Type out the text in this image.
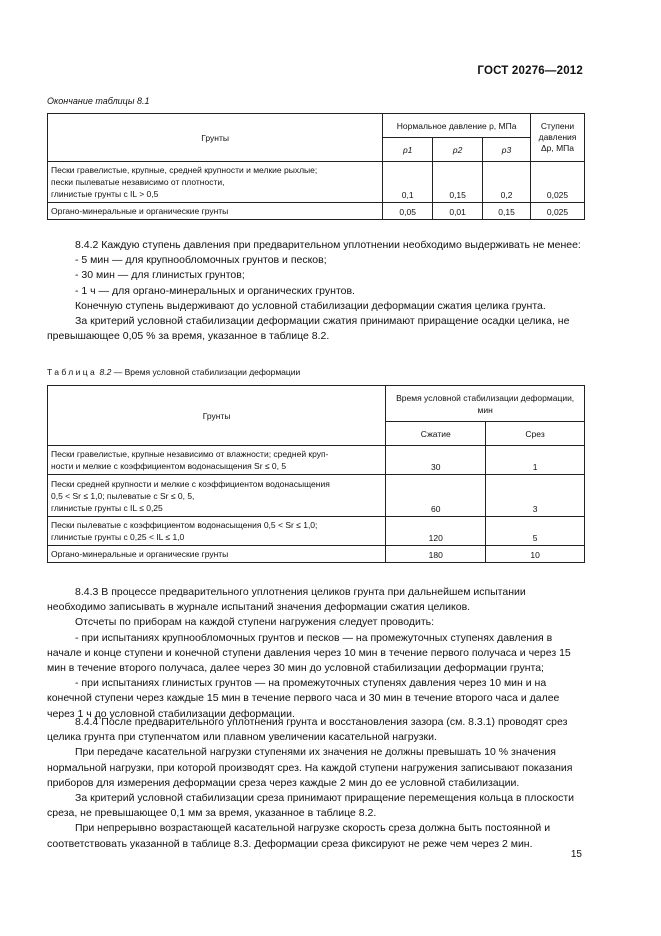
ГОСТ 20276—2012
Окончание таблицы 8.1
Грунты	Нормальное давление р, МПа			Ступени давления Δр, МПа
	р1	р2	р3	

Пески гравелистые, крупные, средней крупности и мелкие рыхлые;
пески пылеватые независимо от плотности,
глинистые грунты с IL > 0,5	0,1	0,15	0,2	0,025
Органо-минеральные и органические грунты	0,05	0,01	0,15	0,025

8.4.2 Каждую ступень давления при предварительном уплотнении необходимо выдерживать не менее:

- 5 мин — для крупнообломочных грунтов и песков;

- 30 мин — для глинистых грунтов;

- 1 ч — для органо-минеральных и органических грунтов.

Конечную ступень выдерживают до условной стабилизации деформации сжатия целика грунта.

За критерий условной стабилизации деформации сжатия принимают приращение осадки целика, не превышающее 0,05 % за время, указанное в таблице 8.2.

Таблица 8.2 — Время условной стабилизации деформации
Грунты	Время условной стабилизации деформации, мин	
	Сжатие	Срез

Пески гравелистые, крупные независимо от влажности; средней круп-
ности и мелкие с коэффициентом водонасыщения Sr ≤ 0, 5	30	1

Пески средней крупности и мелкие с коэффициентом водонасыщения
0,5 < Sr ≤ 1,0; пылеватые с Sr ≤ 0, 5,
глинистые грунты с IL ≤ 0,25	60	3

Пески пылеватые с коэффициентом водонасыщения 0,5 < Sr ≤ 1,0;
глинистые грунты с 0,25 < IL ≤ 1,0	120	5
Органо-минеральные и органические грунты	180	10

8.4.3 В процессе предварительного уплотнения целиков грунта при дальнейшем испытании необходимо записывать в журнале испытаний значения деформации сжатия целиков.

Отсчеты по приборам на каждой ступени нагружения следует проводить:

- при испытаниях крупнообломочных грунтов и песков — на промежуточных ступенях давления в начале и конце ступени и конечной ступени давления через 10 мин в течение первого получаса и через 15 мин в течение второго получаса, далее через 30 мин до условной стабилизации деформации грунта;

- при испытаниях глинистых грунтов — на промежуточных ступенях давления через 10 мин и на конечной ступени через каждые 15 мин в течение первого часа и 30 мин в течение второго часа и далее через 1 ч до условной стабилизации деформации.

8.4.4 После предварительного уплотнения грунта и восстановления зазора (см. 8.3.1) проводят срез целика грунта при ступенчатом или плавном увеличении касательной нагрузки.

При передаче касательной нагрузки ступенями их значения не должны превышать 10 % значения нормальной нагрузки, при которой производят срез. На каждой ступени нагружения записывают показания приборов для измерения деформации среза через каждые 2 мин до ее условной стабилизации.

За критерий условной стабилизации среза принимают приращение перемещения кольца в плоскости среза, не превышающее 0,1 мм за время, указанное в таблице 8.2.

При непрерывно возрастающей касательной нагрузке скорость среза должна быть постоянной и соответствовать указанной в таблице 8.3. Деформации среза фиксируют не реже чем через 2 мин.

15
